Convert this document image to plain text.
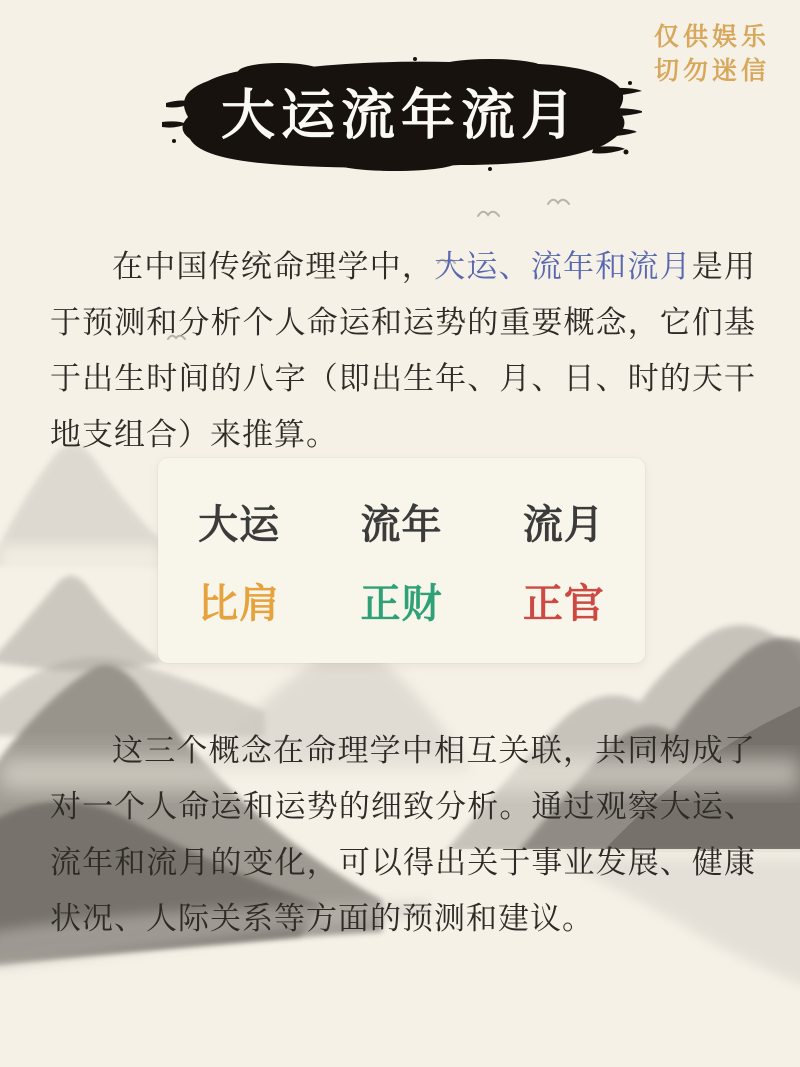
仅供娱乐
切勿迷信
大运流年流月

在中国传统命理学中，大运、流年和流月是用于预测和分析个人命运和运势的重要概念，它们基于出生时间的八字（即出生年、月、日、时的天干地支组合）来推算。

大运 流年 流月
比肩 正财 正官

这三个概念在命理学中相互关联，共同构成了对一个人命运和运势的细致分析。通过观察大运、流年和流月的变化，可以得出关于事业发展、健康状况、人际关系等方面的预测和建议。
